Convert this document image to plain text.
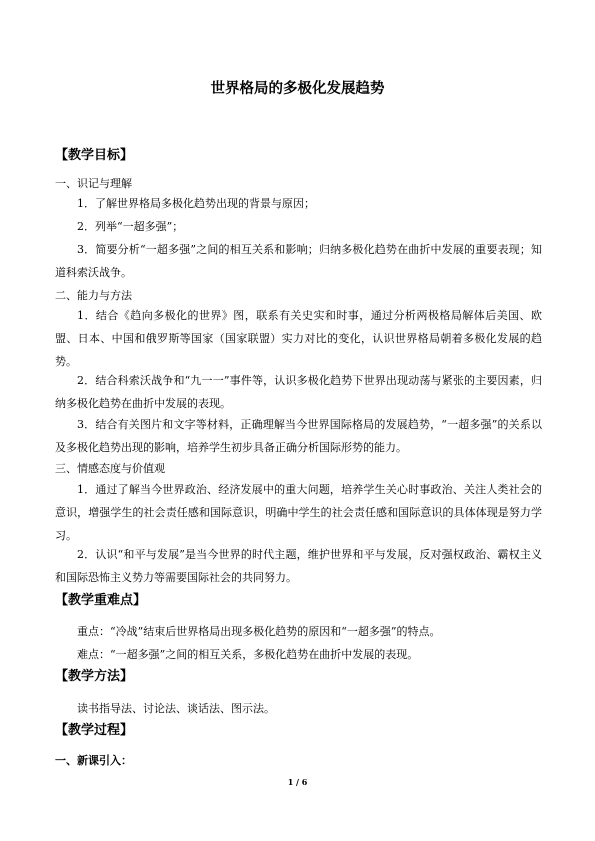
世界格局的多极化发展趋势
【教学目标】
一、识记与理解
1．了解世界格局多极化趋势出现的背景与原因；
2．列举“一超多强”；
3．简要分析“一超多强”之间的相互关系和影响；归纳多极化趋势在曲折中发展的重要表现；知道科索沃战争。
二、能力与方法
1．结合《趋向多极化的世界》图，联系有关史实和时事，通过分析两极格局解体后美国、欧盟、日本、中国和俄罗斯等国家（国家联盟）实力对比的变化，认识世界格局朝着多极化发展的趋势。
2．结合科索沃战争和“九一一”事件等，认识多极化趋势下世界出现动荡与紧张的主要因素，归纳多极化趋势在曲折中发展的表现。
3．结合有关图片和文字等材料，正确理解当今世界国际格局的发展趋势，“一超多强”的关系以及多极化趋势出现的影响，培养学生初步具备正确分析国际形势的能力。
三、情感态度与价值观
1．通过了解当今世界政治、经济发展中的重大问题，培养学生关心时事政治、关注人类社会的意识，增强学生的社会责任感和国际意识，明确中学生的社会责任感和国际意识的具体体现是努力学习。
2．认识“和平与发展”是当今世界的时代主题，维护世界和平与发展，反对强权政治、霸权主义和国际恐怖主义势力等需要国际社会的共同努力。
【教学重难点】
重点：“冷战”结束后世界格局出现多极化趋势的原因和“一超多强”的特点。
难点：“一超多强”之间的相互关系，多极化趋势在曲折中发展的表现。
【教学方法】
读书指导法、讨论法、谈话法、图示法。
【教学过程】
一、新课引入：
1 / 6
